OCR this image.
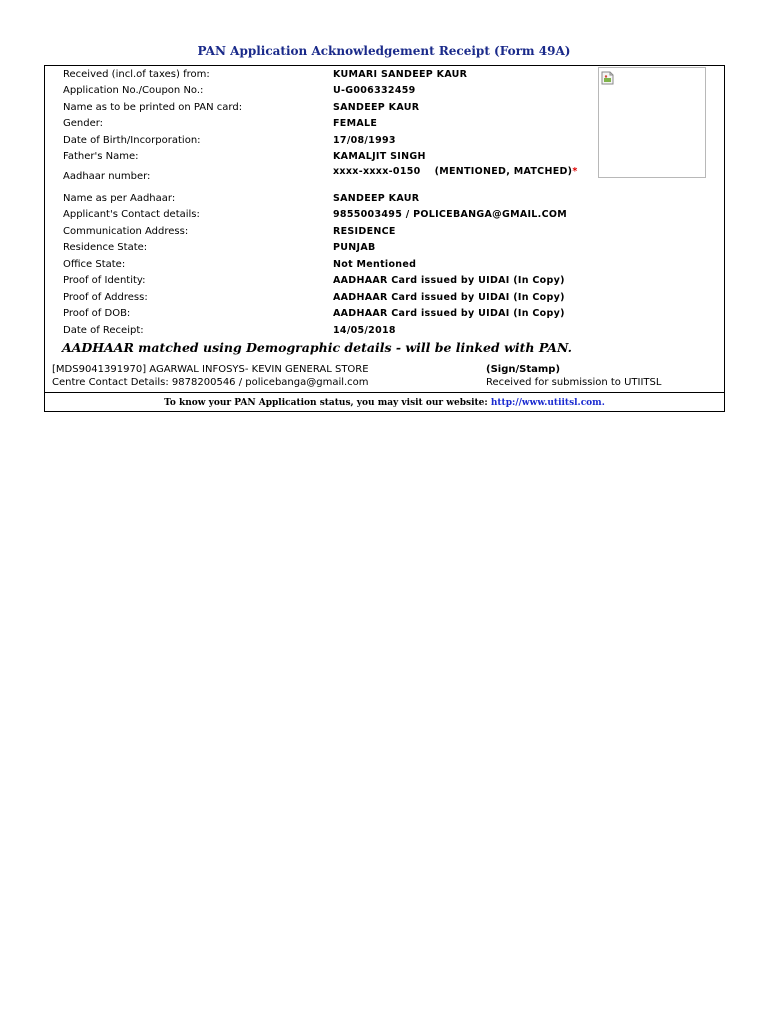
PAN Application Acknowledgement Receipt (Form 49A)
Received (incl.of taxes) from:	KUMARI SANDEEP KAUR
Application No./Coupon No.:	U-G006332459
Name as to be printed on PAN card:	SANDEEP KAUR
Gender:	FEMALE
Date of Birth/Incorporation:	17/08/1993
Father's Name:	KAMALJIT SINGH
Aadhaar number:	xxxx-xxxx-0150 (MENTIONED, MATCHED)*
Name as per Aadhaar:	SANDEEP KAUR
Applicant's Contact details:	9855003495 / POLICEBANGA@GMAIL.COM
Communication Address:	RESIDENCE
Residence State:	PUNJAB
Office State:	Not Mentioned
Proof of Identity:	AADHAAR Card issued by UIDAI (In Copy)
Proof of Address:	AADHAAR Card issued by UIDAI (In Copy)
Proof of DOB:	AADHAAR Card issued by UIDAI (In Copy)
Date of Receipt:	14/05/2018
AADHAAR matched using Demographic details - will be linked with PAN.
[MDS9041391970] AGARWAL INFOSYS- KEVIN GENERAL STORE
Centre Contact Details: 9878200546 / policebanga@gmail.com
(Sign/Stamp)
Received for submission to UTIITSL
To know your PAN Application status, you may visit our website: http://www.utiitsl.com.
